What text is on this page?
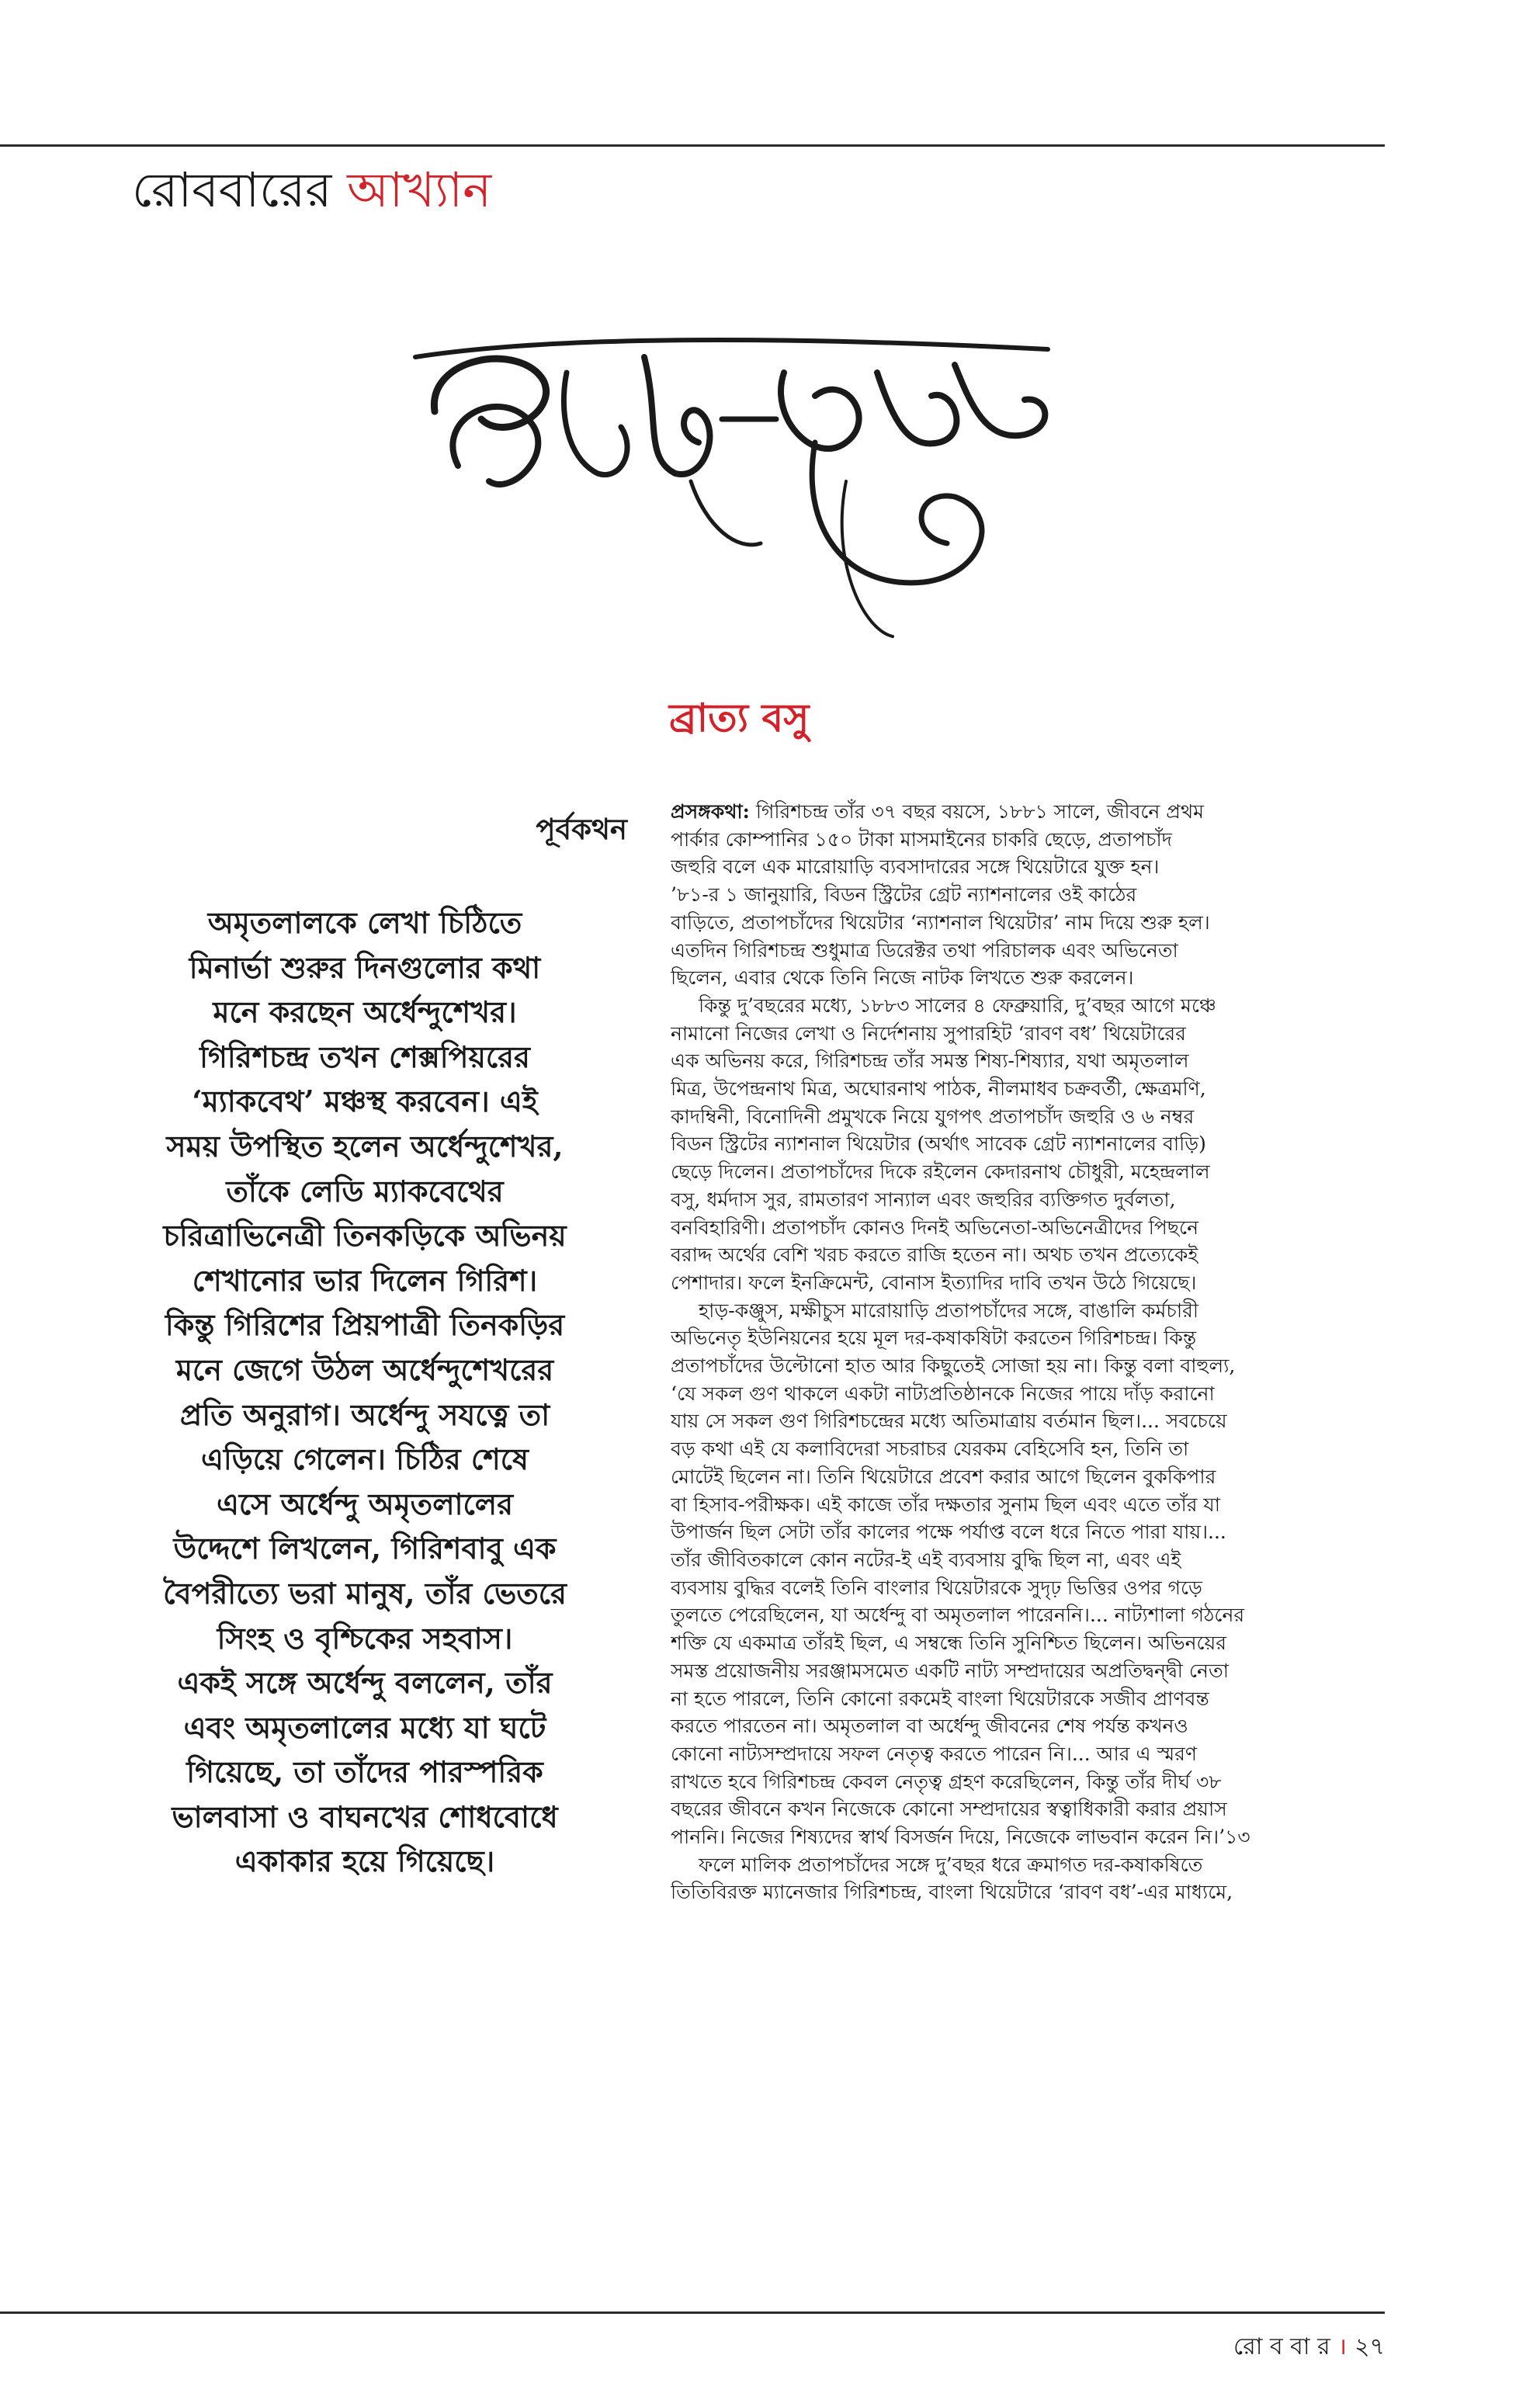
রোববারের আখ্যান
ব্রাত্য বসু
পূর্বকথন
অমৃতলালকে লেখা চিঠিতে
মিনার্ভা শুরুর দিনগুলোর কথা
মনে করছেন অর্ধেন্দুশেখর।
গিরিশচন্দ্র তখন শেক্সপিয়রের
‘ম্যাকবেথ’ মঞ্চস্থ করবেন। এই
সময় উপস্থিত হলেন অর্ধেন্দুশেখর,
তাঁকে লেডি ম্যাকবেথের
চরিত্রাভিনেত্রী তিনকড়িকে অভিনয়
শেখানোর ভার দিলেন গিরিশ।
কিন্তু গিরিশের প্রিয়পাত্রী তিনকড়ির
মনে জেগে উঠল অর্ধেন্দুশেখরের
প্রতি অনুরাগ। অর্ধেন্দু সযত্নে তা
এড়িয়ে গেলেন। চিঠির শেষে
এসে অর্ধেন্দু অমৃতলালের
উদ্দেশে লিখলেন, গিরিশবাবু এক
বৈপরীত্যে ভরা মানুষ, তাঁর ভেতরে
সিংহ ও বৃশ্চিকের সহবাস।
একই সঙ্গে অর্ধেন্দু বললেন, তাঁর
এবং অমৃতলালের মধ্যে যা ঘটে
গিয়েছে, তা তাঁদের পারস্পরিক
ভালবাসা ও বাঘনখের শোধবোধে
একাকার হয়ে গিয়েছে।
প্রসঙ্গকথা: গিরিশচন্দ্র তাঁর ৩৭ বছর বয়সে, ১৮৮১ সালে, জীবনে প্রথম
পার্কার কোম্পানির ১৫০ টাকা মাসমাইনের চাকরি ছেড়ে, প্রতাপচাঁদ
জহুরি বলে এক মারোয়াড়ি ব্যবসাদারের সঙ্গে থিয়েটারে যুক্ত হন।
’৮১-র ১ জানুয়ারি, বিডন স্ট্রিটের গ্রেট ন্যাশনালের ওই কাঠের
বাড়িতে, প্রতাপচাঁদের থিয়েটার ‘ন্যাশনাল থিয়েটার’ নাম দিয়ে শুরু হল।
এতদিন গিরিশচন্দ্র শুধুমাত্র ডিরেক্টর তথা পরিচালক এবং অভিনেতা
ছিলেন, এবার থেকে তিনি নিজে নাটক লিখতে শুরু করলেন।
কিন্তু দু’বছরের মধ্যে, ১৮৮৩ সালের ৪ ফেব্রুয়ারি, দু’বছর আগে মঞ্চে
নামানো নিজের লেখা ও নির্দেশনায় সুপারহিট ‘রাবণ বধ’ থিয়েটারের
এক অভিনয় করে, গিরিশচন্দ্র তাঁর সমস্ত শিষ্য-শিষ্যার, যথা অমৃতলাল
মিত্র, উপেন্দ্রনাথ মিত্র, অঘোরনাথ পাঠক, নীলমাধব চক্রবর্তী, ক্ষেত্রমণি,
কাদম্বিনী, বিনোদিনী প্রমুখকে নিয়ে যুগপৎ প্রতাপচাঁদ জহুরি ও ৬ নম্বর
বিডন স্ট্রিটের ন্যাশনাল থিয়েটার (অর্থাৎ সাবেক গ্রেট ন্যাশনালের বাড়ি)
ছেড়ে দিলেন। প্রতাপচাঁদের দিকে রইলেন কেদারনাথ চৌধুরী, মহেন্দ্রলাল
বসু, ধর্মদাস সুর, রামতারণ সান্যাল এবং জহুরির ব্যক্তিগত দুর্বলতা,
বনবিহারিণী। প্রতাপচাঁদ কোনও দিনই অভিনেতা-অভিনেত্রীদের পিছনে
বরাদ্দ অর্থের বেশি খরচ করতে রাজি হতেন না। অথচ তখন প্রত্যেকেই
পেশাদার। ফলে ইনক্রিমেন্ট, বোনাস ইত্যাদির দাবি তখন উঠে গিয়েছে।
হাড়-কঞ্জুস, মক্ষীচুস মারোয়াড়ি প্রতাপচাঁদের সঙ্গে, বাঙালি কর্মচারী
অভিনেতৃ ইউনিয়নের হয়ে মূল দর-কষাকষিটা করতেন গিরিশচন্দ্র। কিন্তু
প্রতাপচাঁদের উল্টোনো হাত আর কিছুতেই সোজা হয় না। কিন্তু বলা বাহুল্য,
‘যে সকল গুণ থাকলে একটা নাট্যপ্রতিষ্ঠানকে নিজের পায়ে দাঁড় করানো
যায় সে সকল গুণ গিরিশচন্দ্রের মধ্যে অতিমাত্রায় বর্তমান ছিল।... সবচেয়ে
বড় কথা এই যে কলাবিদেরা সচরাচর যেরকম বেহিসেবি হন, তিনি তা
মোটেই ছিলেন না। তিনি থিয়েটারে প্রবেশ করার আগে ছিলেন বুককিপার
বা হিসাব-পরীক্ষক। এই কাজে তাঁর দক্ষতার সুনাম ছিল এবং এতে তাঁর যা
উপার্জন ছিল সেটা তাঁর কালের পক্ষে পর্যাপ্ত বলে ধরে নিতে পারা যায়।...
তাঁর জীবিতকালে কোন নটের-ই এই ব্যবসায় বুদ্ধি ছিল না, এবং এই
ব্যবসায় বুদ্ধির বলেই তিনি বাংলার থিয়েটারকে সুদৃঢ় ভিত্তির ওপর গড়ে
তুলতে পেরেছিলেন, যা অর্ধেন্দু বা অমৃতলাল পারেননি।... নাট্যশালা গঠনের
শক্তি যে একমাত্র তাঁরই ছিল, এ সম্বন্ধে তিনি সুনিশ্চিত ছিলেন। অভিনয়ের
সমস্ত প্রয়োজনীয় সরঞ্জামসমেত একটি নাট্য সম্প্রদায়ের অপ্রতিদ্বন্দ্বী নেতা
না হতে পারলে, তিনি কোনো রকমেই বাংলা থিয়েটারকে সজীব প্রাণবন্ত
করতে পারতেন না। অমৃতলাল বা অর্ধেন্দু জীবনের শেষ পর্যন্ত কখনও
কোনো নাট্যসম্প্রদায়ে সফল নেতৃত্ব করতে পারেন নি।... আর এ স্মরণ
রাখতে হবে গিরিশচন্দ্র কেবল নেতৃত্ব গ্রহণ করেছিলেন, কিন্তু তাঁর দীর্ঘ ৩৮
বছরের জীবনে কখন নিজেকে কোনো সম্প্রদায়ের স্বত্বাধিকারী করার প্রয়াস
পাননি। নিজের শিষ্যদের স্বার্থ বিসর্জন দিয়ে, নিজেকে লাভবান করেন নি।’১৩
ফলে মালিক প্রতাপচাঁদের সঙ্গে দু’বছর ধরে ক্রমাগত দর-কষাকষিতে
তিতিবিরক্ত ম্যানেজার গিরিশচন্দ্র, বাংলা থিয়েটারে ‘রাবণ বধ’-এর মাধ্যমে,
রো ব বা র । ২৭
